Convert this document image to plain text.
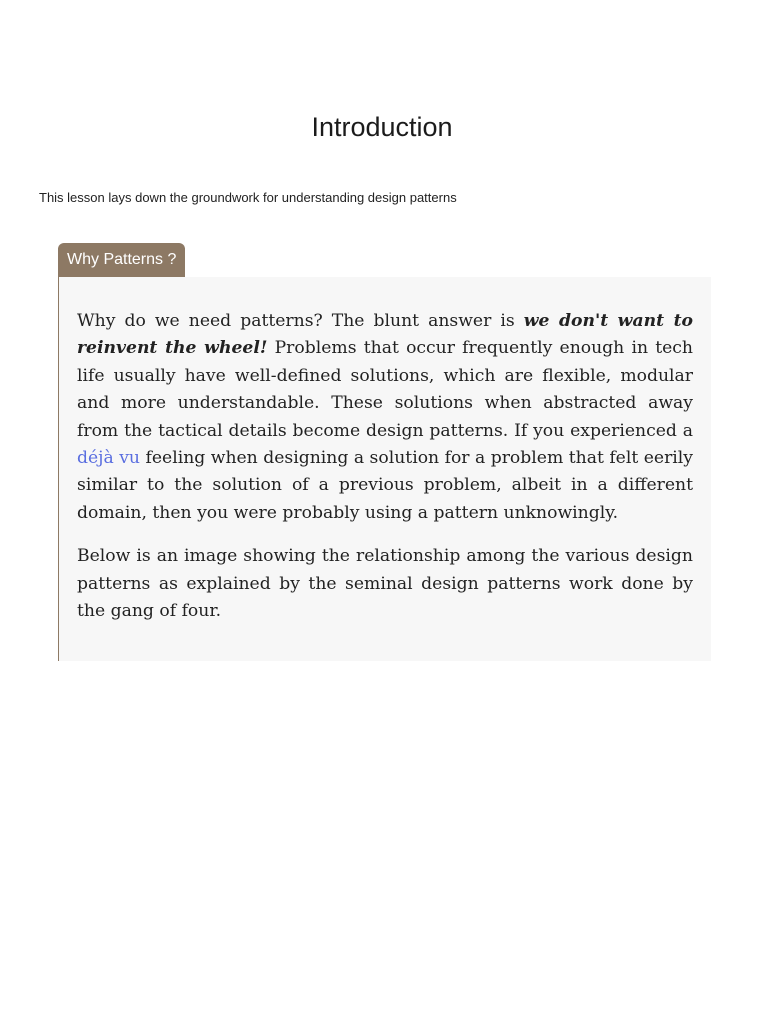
Introduction

This lesson lays down the groundwork for understanding design patterns

Why Patterns ?

Why do we need patterns? The blunt answer is we don't want to reinvent the wheel! Problems that occur frequently enough in tech life usually have well-defined solutions, which are flexible, modular and more understandable. These solutions when abstracted away from the tactical details become design patterns. If you experienced a déjà vu feeling when designing a solution for a problem that felt eerily similar to the solution of a previous problem, albeit in a different domain, then you were probably using a pattern unknowingly.

Below is an image showing the relationship among the various design patterns as explained by the seminal design patterns work done by the gang of four.
